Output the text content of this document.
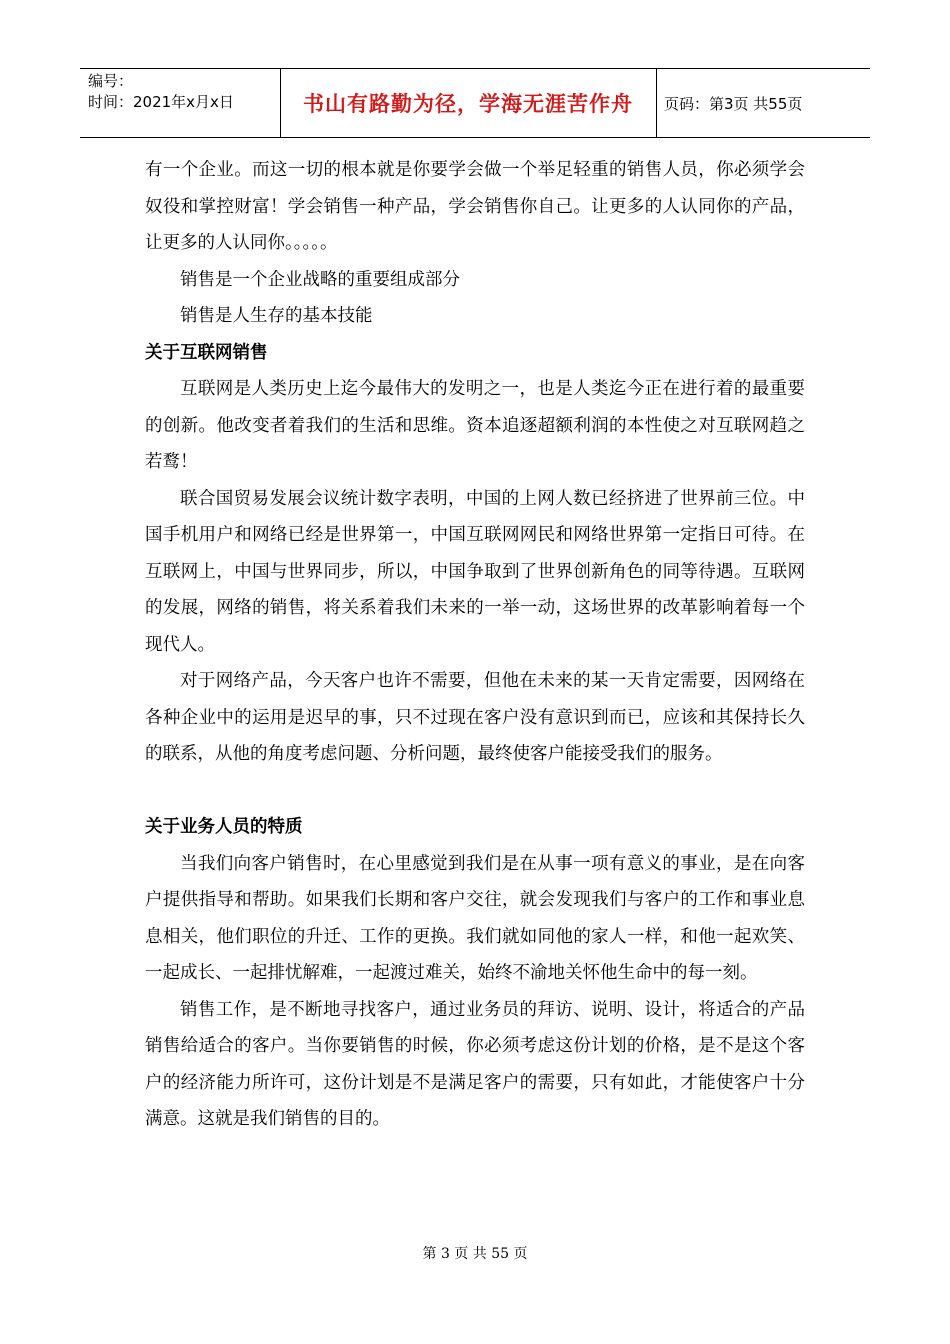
编号：
时间：2021年x月x日	书山有路勤为径，学海无涯苦作舟	页码：第3页 共55页

有一个企业。而这一切的根本就是你要学会做一个举足轻重的销售人员，你必须学会奴役和掌控财富！学会销售一种产品，学会销售你自己。让更多的人认同你的产品，让更多的人认同你。。。。。

销售是一个企业战略的重要组成部分

销售是人生存的基本技能

关于互联网销售

互联网是人类历史上迄今最伟大的发明之一，也是人类迄今正在进行着的最重要的创新。他改变者着我们的生活和思维。资本追逐超额利润的本性使之对互联网趋之若鹜！

联合国贸易发展会议统计数字表明，中国的上网人数已经挤进了世界前三位。中国手机用户和网络已经是世界第一，中国互联网网民和网络世界第一定指日可待。在互联网上，中国与世界同步，所以，中国争取到了世界创新角色的同等待遇。互联网的发展，网络的销售，将关系着我们未来的一举一动，这场世界的改革影响着每一个现代人。

对于网络产品，今天客户也许不需要，但他在未来的某一天肯定需要，因网络在各种企业中的运用是迟早的事，只不过现在客户没有意识到而已，应该和其保持长久的联系，从他的角度考虑问题、分析问题，最终使客户能接受我们的服务。

关于业务人员的特质

当我们向客户销售时，在心里感觉到我们是在从事一项有意义的事业，是在向客户提供指导和帮助。如果我们长期和客户交往，就会发现我们与客户的工作和事业息息相关，他们职位的升迁、工作的更换。我们就如同他的家人一样，和他一起欢笑、一起成长、一起排忧解难，一起渡过难关，始终不渝地关怀他生命中的每一刻。

销售工作，是不断地寻找客户，通过业务员的拜访、说明、设计，将适合的产品销售给适合的客户。当你要销售的时候，你必须考虑这份计划的价格，是不是这个客户的经济能力所许可，这份计划是不是满足客户的需要，只有如此，才能使客户十分满意。这就是我们销售的目的。

第 3 页 共 55 页
